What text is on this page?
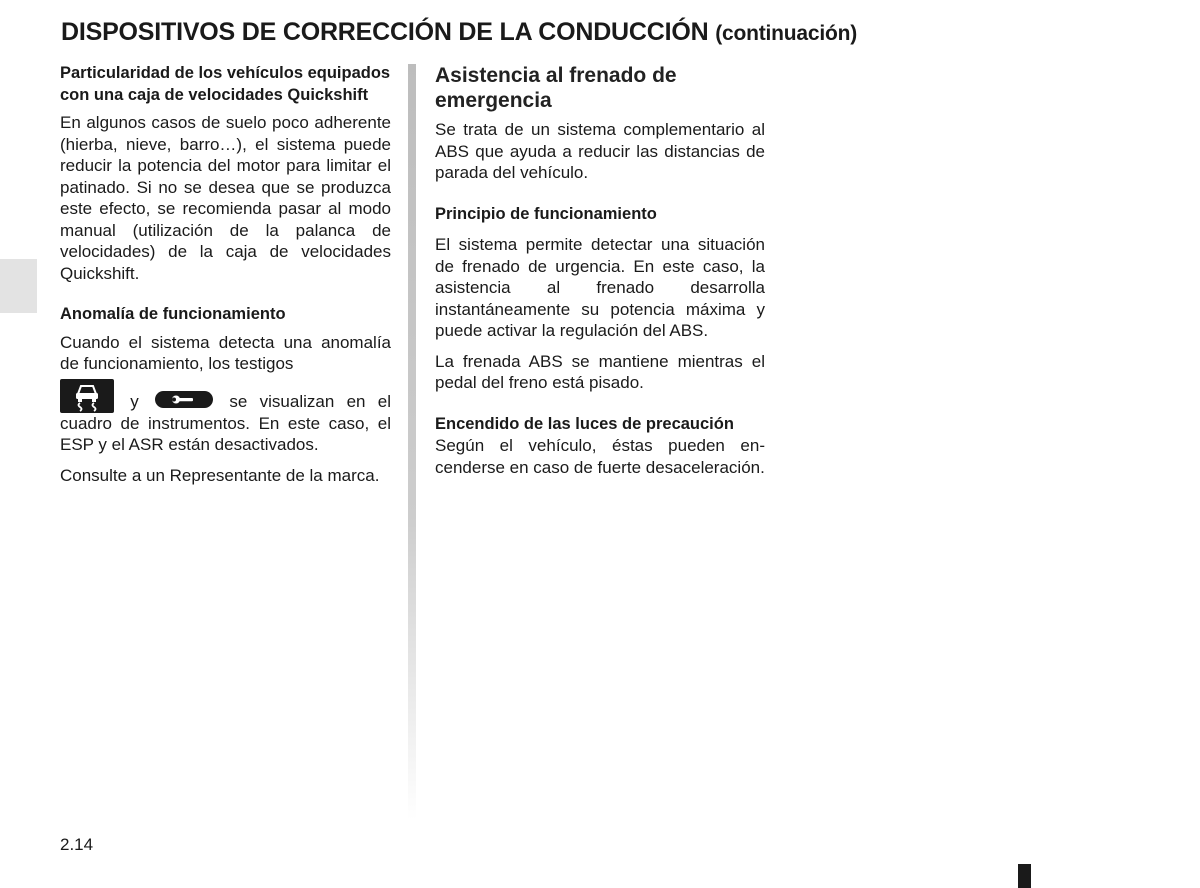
DISPOSITIVOS DE CORRECCIÓN DE LA CONDUCCIÓN (continuación)

Particularidad de los vehículos equipados con una caja de velocidades Quickshift

En algunos casos de suelo poco adherente (hierba, nieve, barro…), el sistema puede reducir la potencia del motor para limitar el patinado. Si no se desea que se produzca este efecto, se recomienda pasar al modo manual (utilización de la palanca de velocidades) de la caja de velocidades Quickshift.

Anomalía de funcionamiento

Cuando el sistema detecta una anomalía de funcionamiento, los testigos

y	se visualizan en el cuadro de instrumentos. En este caso, el ESP y el ASR están desactivados.

Consulte a un Representante de la marca.

Asistencia al frenado de emergencia

Se trata de un sistema complementario al ABS que ayuda a reducir las distancias de parada del vehículo.

Principio de funcionamiento

El sistema permite detectar una situación de frenado de urgencia. En este caso, la asistencia al frenado desarrolla instantáneamente su potencia máxima y puede activar la regulación del ABS.

La frenada ABS se mantiene mientras el pedal del freno está pisado.

Encendido de las luces de precaución

Según el vehículo, éstas pueden encenderse en caso de fuerte desaceleración.

2.14
